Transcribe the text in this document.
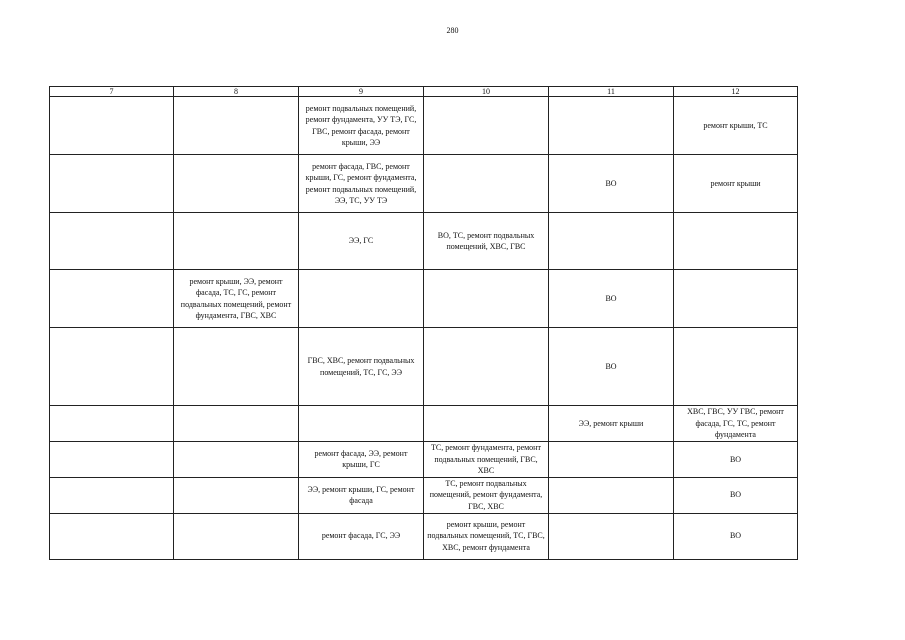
280
7	8	9	10	11	12
		ремонт подвальных помещений, ремонт фундамента, УУ ТЭ, ГС, ГВС, ремонт фасада, ремонт крыши, ЭЭ			ремонт крыши, ТС
		ремонт фасада, ГВС, ремонт крыши, ГС, ремонт фундамента, ремонт подвальных помещений, ЭЭ, ТС, УУ ТЭ		ВО	ремонт крыши
		ЭЭ, ГС	ВО, ТС, ремонт подвальных помещений, ХВС, ГВС		
	ремонт крыши, ЭЭ, ремонт фасада, ТС, ГС, ремонт подвальных помещений, ремонт фундамента, ГВС, ХВС			ВО	
		ГВС, ХВС, ремонт подвальных помещений, ТС, ГС, ЭЭ		ВО	
				ЭЭ, ремонт крыши	ХВС, ГВС, УУ ГВС, ремонт фасада, ГС, ТС, ремонт фундамента
		ремонт фасада, ЭЭ, ремонт крыши, ГС	ТС, ремонт фундамента, ремонт подвальных помещений, ГВС, ХВС		ВО
		ЭЭ, ремонт крыши, ГС, ремонт фасада	ТС, ремонт подвальных помещений, ремонт фундамента, ГВС, ХВС		ВО
		ремонт фасада, ГС, ЭЭ	ремонт крыши, ремонт подвальных помещений, ТС, ГВС, ХВС, ремонт фундамента		ВО
